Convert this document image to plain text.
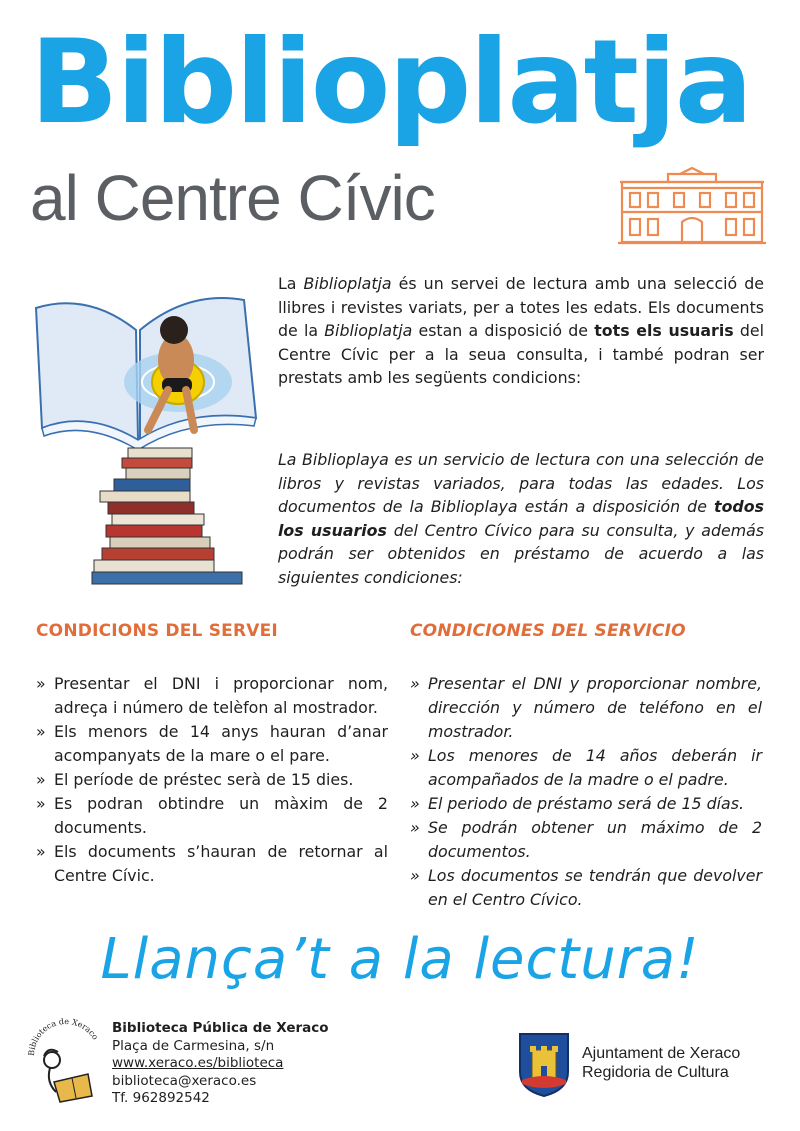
Biblioplatja
al Centre Cívic
La Biblioplatja és un servei de lectura amb una selecció de llibres i revistes variats, per a totes les edats. Els documents de la Biblioplatja estan a disposició de tots els usuaris del Centre Cívic per a la seua consulta, i també podran ser prestats amb les següents condicions:
La Biblioplaya es un servicio de lectura con una selección de libros y revistas variados, para todas las edades. Los documentos de la Biblioplaya están a disposición de todos los usuarios del Centro Cívico para su consulta, y además podrán ser obtenidos en préstamo de acuerdo a las siguientes condiciones:
CONDICIONS DEL SERVEI	CONDICIONES DEL SERVICIO
» Presentar el DNI i proporcionar nom, adreça i número de telèfon al mostrador.
» Els menors de 14 anys hauran d’anar acompanyats de la mare o el pare.
» El període de préstec serà de 15 dies.
» Es podran obtindre un màxim de 2 documents.
» Els documents s’hauran de retornar al Centre Cívic.
» Presentar el DNI y proporcionar nombre, dirección y número de teléfono en el mostrador.
» Los menores de 14 años deberán ir acompañados de la madre o el padre.
» El periodo de préstamo será de 15 días.
» Se podrán obtener un máximo de 2 documentos.
» Los documentos se tendrán que devolver en el Centro Cívico.
Llança’t a la lectura!
Biblioteca de Xeraco
Biblioteca Pública de Xeraco
Plaça de Carmesina, s/n
www.xeraco.es/biblioteca
biblioteca@xeraco.es
Tf. 962892542
Ajuntament de Xeraco
Regidoria de Cultura
